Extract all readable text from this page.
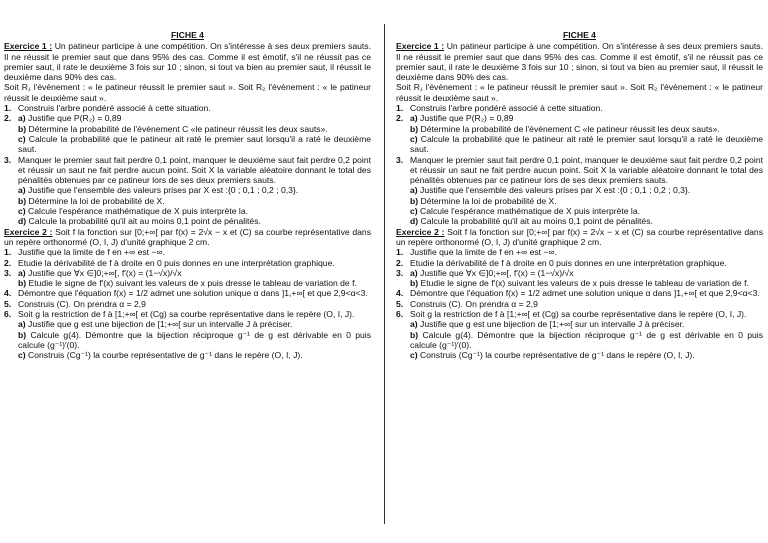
FICHE 4

Exercice 1 : Un patineur participe à une compétition. On s'intéresse à ses deux premiers sauts. Il ne réussit le premier saut que dans 95% des cas. Comme il est émotif, s'il ne réussit pas ce premier saut, il rate le deuxième 3 fois sur 10 ; sinon, si tout va bien au premier saut, il réussit le deuxième dans 90% des cas.

Soit R₁ l'évènement : « le patineur réussit le premier saut ». Soit R₂ l'évènement : « le patineur réussit le deuxième saut ».

1. Construis l'arbre pondéré associé à cette situation.
2. a) Justifie que P(R₂) = 0,89
b) Détermine la probabilité de l'évènement C «le patineur réussit les deux sauts».
c) Calcule la probabilité que le patineur ait raté le premier saut lorsqu'il a raté le deuxième saut.
3. Manquer le premier saut fait perdre 0,1 point, manquer le deuxième saut fait perdre 0,2 point et réussir un saut ne fait perdre aucun point. Soit X la variable aléatoire donnant le total des pénalités obtenues par ce patineur lors de ses deux premiers sauts.
a) Justifie que l'ensemble des valeurs prises par X est :{0 ; 0,1 ; 0,2 ; 0,3}.
b) Détermine la loi de probabilité de X.
c) Calcule l'espérance mathématique de X puis interprète la.
d) Calcule la probabilité qu'il ait au moins 0,1 point de pénalités.

Exercice 2 : Soit f la fonction sur [0;+∞[ par f(x) = 2√x − x et (C) sa courbe représentative dans un repère orthonormé (O, I, J) d'unité graphique 2 cm.

1. Justifie que la limite de f en +∞ est −∞.
2. Etudie la dérivabilité de f à droite en 0 puis donnes en une interprétation graphique.
3. a) Justifie que ∀x ∈]0;+∞[, f′(x) = (1−√x)/√x
b) Etudie le signe de f′(x) suivant les valeurs de x puis dresse le tableau de variation de f.
4. Démontre que l'équation f(x) = 1/2 admet une solution unique α dans ]1,+∞[ et que 2,9<α<3.
5. Construis (C). On prendra α = 2,9
6. Soit g la restriction de f à [1;+∞[ et (Cg) sa courbe représentative dans le repère (O, I, J).
a) Justifie que g est une bijection de [1;+∞[ sur un intervalle J à préciser.
b) Calcule g(4). Démontre que la bijection réciproque g⁻¹ de g est dérivable en 0 puis calcule (g⁻¹)′(0).
c) Construis (Cg⁻¹) la courbe représentative de g⁻¹ dans le repère (O, I, J).
FICHE 4

Exercice 1 : Un patineur participe à une compétition. On s'intéresse à ses deux premiers sauts. Il ne réussit le premier saut que dans 95% des cas. Comme il est émotif, s'il ne réussit pas ce premier saut, il rate le deuxième 3 fois sur 10 ; sinon, si tout va bien au premier saut, il réussit le deuxième dans 90% des cas.

Soit R₁ l'évènement : « le patineur réussit le premier saut ». Soit R₂ l'évènement : « le patineur réussit le deuxième saut ».

1. Construis l'arbre pondéré associé à cette situation.
2. a) Justifie que P(R₂) = 0,89
b) Détermine la probabilité de l'évènement C «le patineur réussit les deux sauts».
c) Calcule la probabilité que le patineur ait raté le premier saut lorsqu'il a raté le deuxième saut.
3. Manquer le premier saut fait perdre 0,1 point, manquer le deuxième saut fait perdre 0,2 point et réussir un saut ne fait perdre aucun point. Soit X la variable aléatoire donnant le total des pénalités obtenues par ce patineur lors de ses deux premiers sauts.
a) Justifie que l'ensemble des valeurs prises par X est :{0 ; 0,1 ; 0,2 ; 0,3}.
b) Détermine la loi de probabilité de X.
c) Calcule l'espérance mathématique de X puis interprète la.
d) Calcule la probabilité qu'il ait au moins 0,1 point de pénalités.

Exercice 2 : Soit f la fonction sur [0;+∞[ par f(x) = 2√x − x et (C) sa courbe représentative dans un repère orthonormé (O, I, J) d'unité graphique 2 cm.

1. Justifie que la limite de f en +∞ est −∞.
2. Etudie la dérivabilité de f à droite en 0 puis donnes en une interprétation graphique.
3. a) Justifie que ∀x ∈]0;+∞[, f′(x) = (1−√x)/√x
b) Etudie le signe de f′(x) suivant les valeurs de x puis dresse le tableau de variation de f.
4. Démontre que l'équation f(x) = 1/2 admet une solution unique α dans ]1,+∞[ et que 2,9<α<3.
5. Construis (C). On prendra α = 2,9
6. Soit g la restriction de f à [1;+∞[ et (Cg) sa courbe représentative dans le repère (O, I, J).
a) Justifie que g est une bijection de [1;+∞[ sur un intervalle J à préciser.
b) Calcule g(4). Démontre que la bijection réciproque g⁻¹ de g est dérivable en 0 puis calcule (g⁻¹)′(0).
c) Construis (Cg⁻¹) la courbe représentative de g⁻¹ dans le repère (O, I, J).
